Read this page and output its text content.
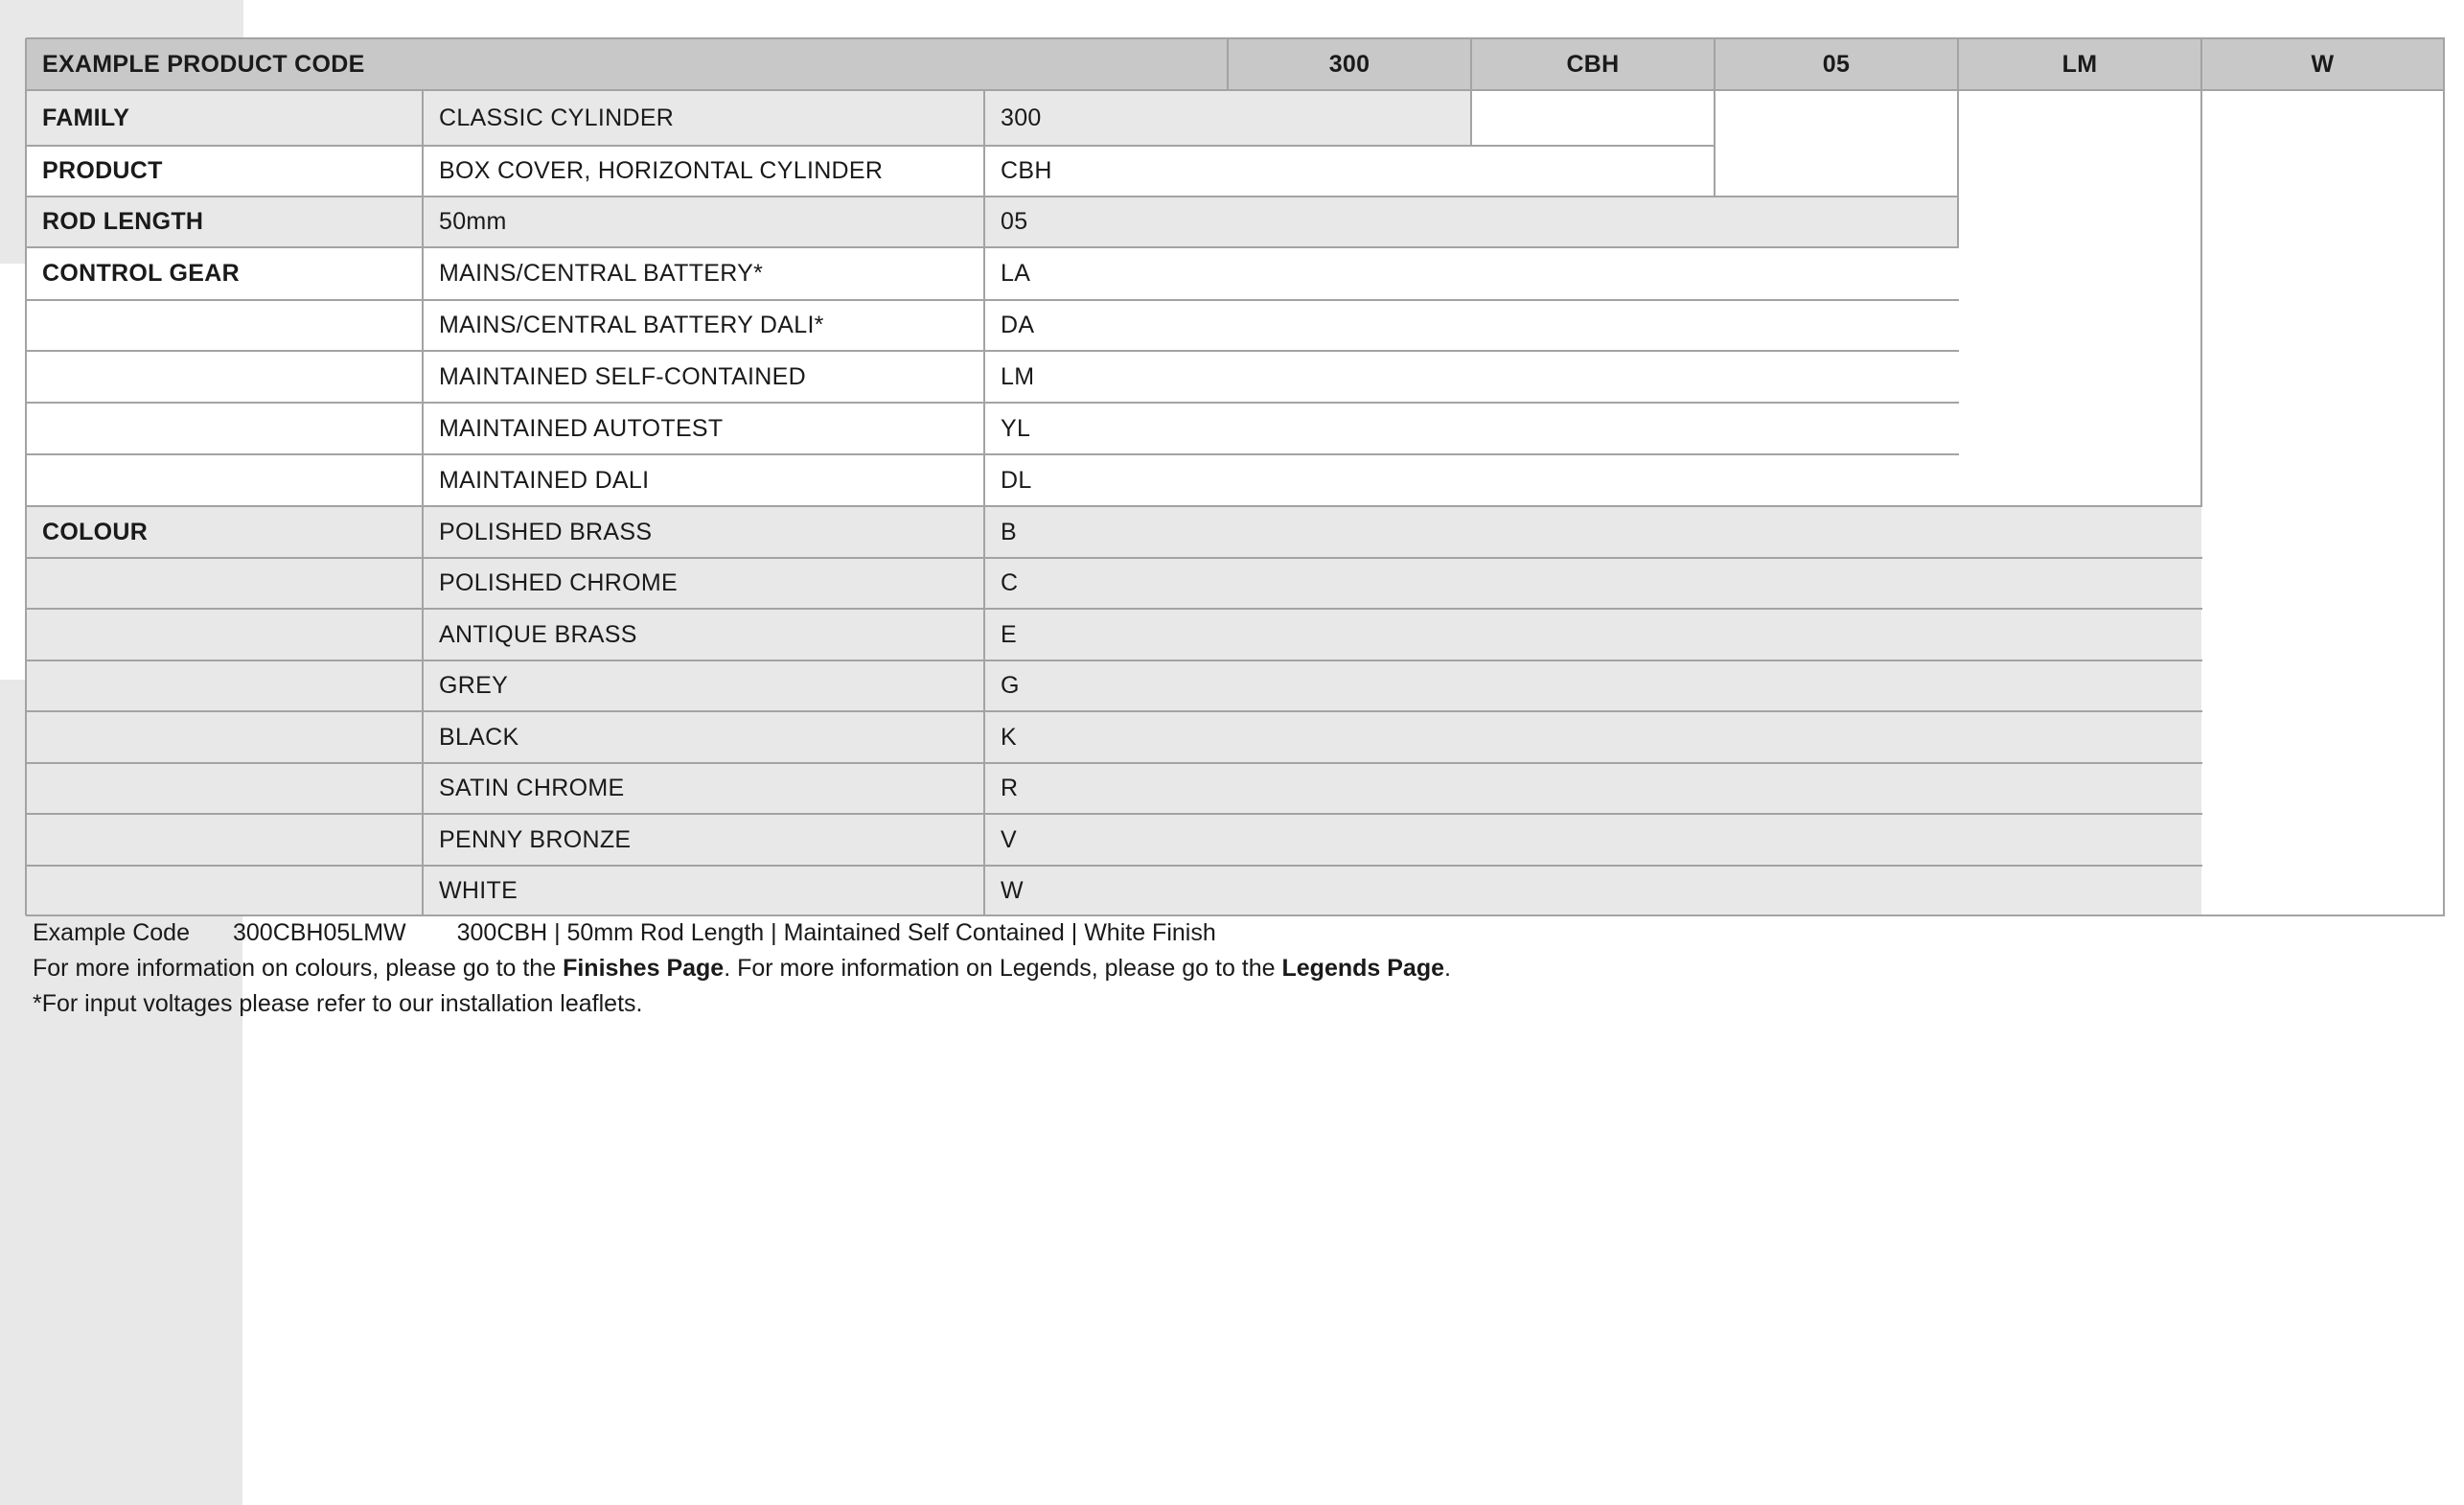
EXAMPLE PRODUCT CODE	300	CBH	05	LM	W
FAMILY	CLASSIC CYLINDER	300
PRODUCT	BOX COVER, HORIZONTAL CYLINDER	CBH
ROD LENGTH	50mm	05
CONTROL GEAR	MAINS/CENTRAL BATTERY*	LA
MAINS/CENTRAL BATTERY DALI*	DA
MAINTAINED SELF-CONTAINED	LM
MAINTAINED AUTOTEST	YL
MAINTAINED DALI	DL
COLOUR	POLISHED BRASS	B
POLISHED CHROME	C
ANTIQUE BRASS	E
GREY	G
BLACK	K
SATIN CHROME	R
PENNY BRONZE	V
WHITE	W
Example Code 300CBH05LMW 300CBH | 50mm Rod Length | Maintained Self Contained | White Finish
For more information on colours, please go to the Finishes Page. For more information on Legends, please go to the Legends Page.
*For input voltages please refer to our installation leaflets.
